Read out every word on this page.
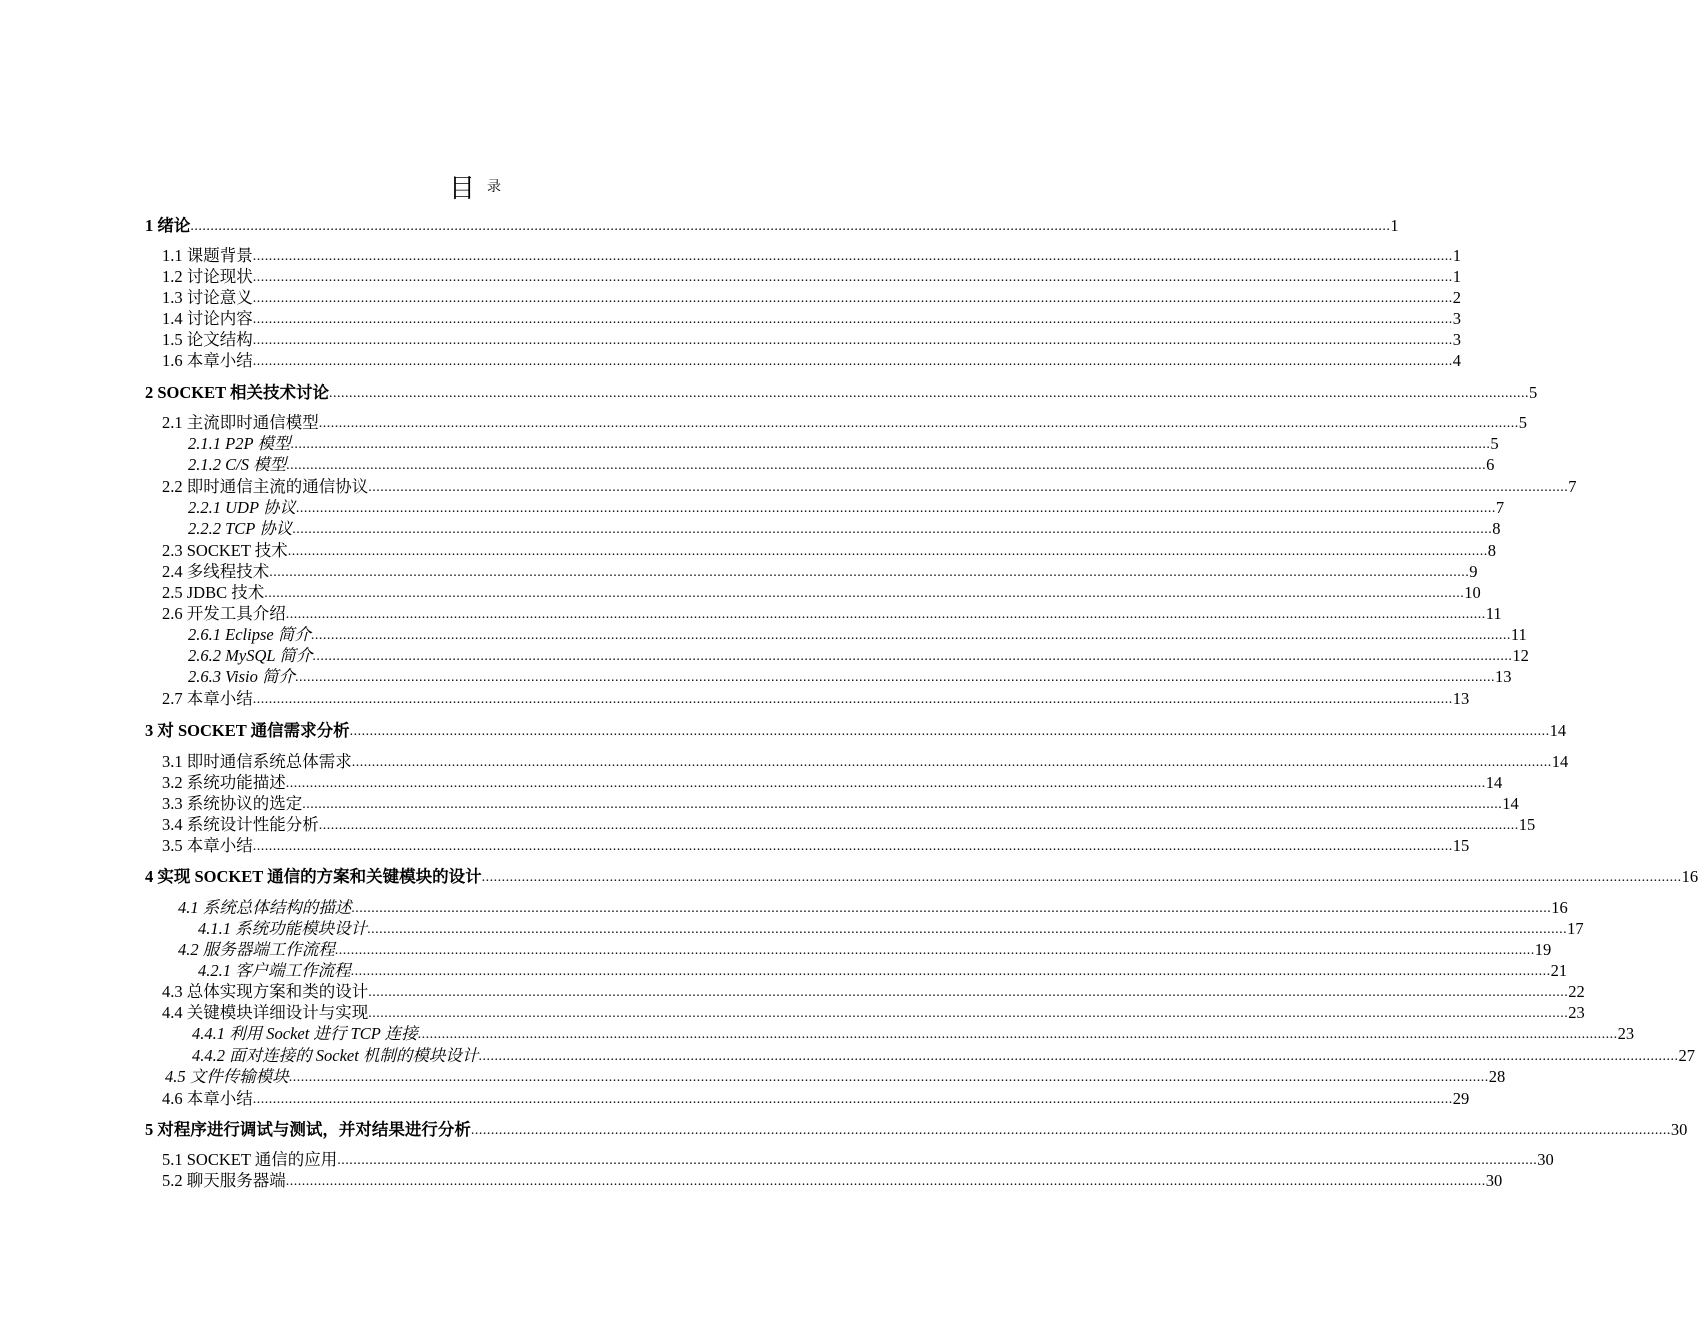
目录
1 绪论 ............................................................................................................................................................................................................................................................................................................ 1
1.1 课题背景 ............................................................................................................................................................................................................................................................................................................ 1
1.2 讨论现状 ............................................................................................................................................................................................................................................................................................................ 1
1.3 讨论意义 ............................................................................................................................................................................................................................................................................................................ 2
1.4 讨论内容 ............................................................................................................................................................................................................................................................................................................ 3
1.5 论文结构 ............................................................................................................................................................................................................................................................................................................ 3
1.6 本章小结 ............................................................................................................................................................................................................................................................................................................ 4
2 SOCKET 相关技术讨论 ............................................................................................................................................................................................................................................................................................................ 5
2.1 主流即时通信模型 ............................................................................................................................................................................................................................................................................................................ 5
2.1.1 P2P 模型 ............................................................................................................................................................................................................................................................................................................ 5
2.1.2 C/S 模型 ............................................................................................................................................................................................................................................................................................................ 6
2.2 即时通信主流的通信协议 ............................................................................................................................................................................................................................................................................................................ 7
2.2.1 UDP 协议 ............................................................................................................................................................................................................................................................................................................ 7
2.2.2 TCP 协议 ............................................................................................................................................................................................................................................................................................................ 8
2.3 SOCKET 技术 ............................................................................................................................................................................................................................................................................................................ 8
2.4 多线程技术 ............................................................................................................................................................................................................................................................................................................ 9
2.5 JDBC 技术 ............................................................................................................................................................................................................................................................................................................ 10
2.6 开发工具介绍 ............................................................................................................................................................................................................................................................................................................ 11
2.6.1 Eclipse 简介 ............................................................................................................................................................................................................................................................................................................ 11
2.6.2 MySQL 简介 ............................................................................................................................................................................................................................................................................................................ 12
2.6.3 Visio 简介 ............................................................................................................................................................................................................................................................................................................ 13
2.7 本章小结 ............................................................................................................................................................................................................................................................................................................ 13
3 对 SOCKET 通信需求分析 ............................................................................................................................................................................................................................................................................................................ 14
3.1 即时通信系统总体需求 ............................................................................................................................................................................................................................................................................................................ 14
3.2 系统功能描述 ............................................................................................................................................................................................................................................................................................................ 14
3.3 系统协议的选定 ............................................................................................................................................................................................................................................................................................................ 14
3.4 系统设计性能分析 ............................................................................................................................................................................................................................................................................................................ 15
3.5 本章小结 ............................................................................................................................................................................................................................................................................................................ 15
4 实现 SOCKET 通信的方案和关键模块的设计 ............................................................................................................................................................................................................................................................................................................ 16
4.1 系统总体结构的描述 ............................................................................................................................................................................................................................................................................................................ 16
4.1.1 系统功能模块设计 ............................................................................................................................................................................................................................................................................................................ 17
4.2 服务器端工作流程 ............................................................................................................................................................................................................................................................................................................ 19
4.2.1 客户端工作流程 ............................................................................................................................................................................................................................................................................................................ 21
4.3 总体实现方案和类的设计 ............................................................................................................................................................................................................................................................................................................ 22
4.4 关键模块详细设计与实现 ............................................................................................................................................................................................................................................................................................................ 23
4.4.1 利用 Socket 进行 TCP 连接 ............................................................................................................................................................................................................................................................................................................ 23
4.4.2 面对连接的 Socket 机制的模块设计 ............................................................................................................................................................................................................................................................................................................ 27
4.5 文件传输模块 ............................................................................................................................................................................................................................................................................................................ 28
4.6 本章小结 ............................................................................................................................................................................................................................................................................................................ 29
5 对程序进行调试与测试，并对结果进行分析 ............................................................................................................................................................................................................................................................................................................ 30
5.1 SOCKET 通信的应用 ............................................................................................................................................................................................................................................................................................................ 30
5.2 聊天服务器端 ............................................................................................................................................................................................................................................................................................................ 30
